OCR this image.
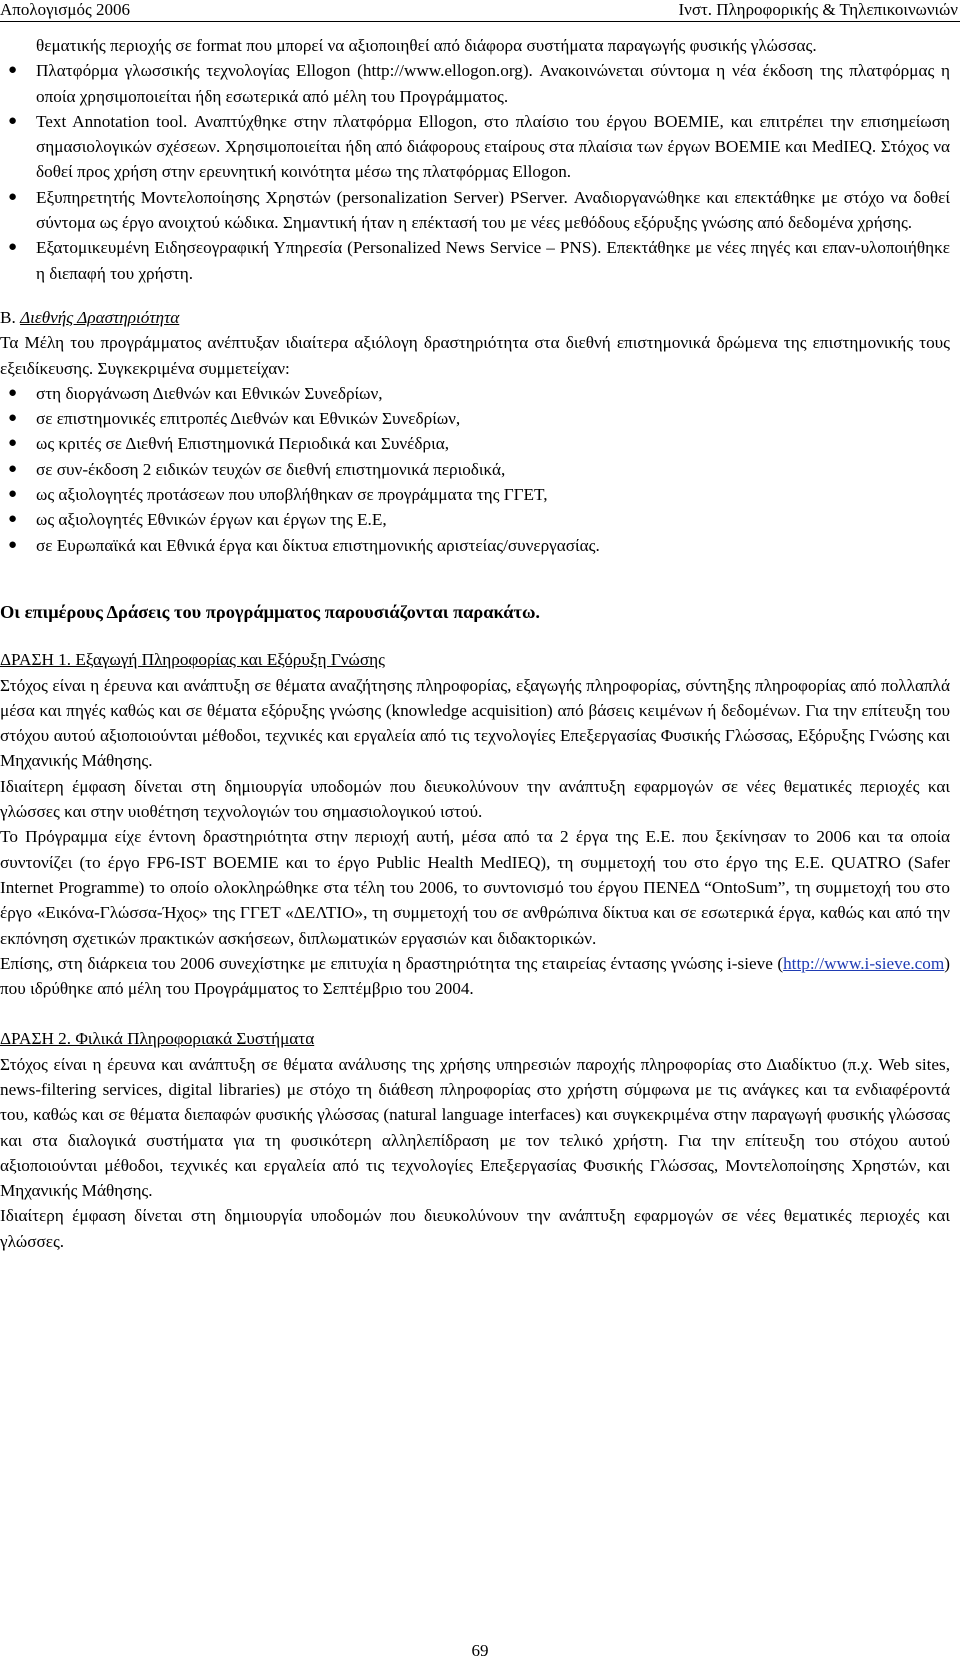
Απολογισμός 2006	Ινστ. Πληροφορικής & Τηλεπικοινωνιών

θεματικής περιοχής σε format που μπορεί να αξιοποιηθεί από διάφορα συστήματα παραγωγής φυσικής γλώσσας.

● Πλατφόρμα γλωσσικής τεχνολογίας Ellogon (http://www.ellogon.org). Ανακοινώνεται σύντομα η νέα έκδοση της πλατφόρμας η οποία χρησιμοποιείται ήδη εσωτερικά από μέλη του Προγράμματος.
● Text Annotation tool. Αναπτύχθηκε στην πλατφόρμα Ellogon, στο πλαίσιο του έργου BOEMIE, και επιτρέπει την επισημείωση σημασιολογικών σχέσεων. Χρησιμοποιείται ήδη από διάφορους εταίρους στα πλαίσια των έργων BOEMIE και MedIEQ. Στόχος να δοθεί προς χρήση στην ερευνητική κοινότητα μέσω της πλατφόρμας Ellogon.
● Εξυπηρετητής Μοντελοποίησης Χρηστών (personalization Server) PServer. Αναδιοργανώθηκε και επεκτάθηκε με στόχο να δοθεί σύντομα ως έργο ανοιχτού κώδικα. Σημαντική ήταν η επέκτασή του με νέες μεθόδους εξόρυξης γνώσης από δεδομένα χρήσης.
● Εξατομικευμένη Ειδησεογραφική Υπηρεσία (Personalized News Service – PNS). Επεκτάθηκε με νέες πηγές και επαν-υλοποιήθηκε η διεπαφή του χρήστη.

Β. Διεθνής Δραστηριότητα

Τα Μέλη του προγράμματος ανέπτυξαν ιδιαίτερα αξιόλογη δραστηριότητα στα διεθνή επιστημονικά δρώμενα της επιστημονικής τους εξειδίκευσης. Συγκεκριμένα συμμετείχαν:

● στη διοργάνωση Διεθνών και Εθνικών Συνεδρίων,
● σε επιστημονικές επιτροπές Διεθνών και Εθνικών Συνεδρίων,
● ως κριτές σε Διεθνή Επιστημονικά Περιοδικά και Συνέδρια,
● σε συν-έκδοση 2 ειδικών τευχών σε διεθνή επιστημονικά περιοδικά,
● ως αξιολογητές προτάσεων που υποβλήθηκαν σε προγράμματα της ΓΓΕΤ,
● ως αξιολογητές Εθνικών έργων και έργων της Ε.Ε,
● σε Ευρωπαϊκά και Εθνικά έργα και δίκτυα επιστημονικής αριστείας/συνεργασίας.

Οι επιμέρους Δράσεις του προγράμματος παρουσιάζονται παρακάτω.

ΔΡΑΣΗ 1. Εξαγωγή Πληροφορίας και Εξόρυξη Γνώσης

Στόχος είναι η έρευνα και ανάπτυξη σε θέματα αναζήτησης πληροφορίας, εξαγωγής πληροφορίας, σύντηξης πληροφορίας από πολλαπλά μέσα και πηγές καθώς και σε θέματα εξόρυξης γνώσης (knowledge acquisition) από βάσεις κειμένων ή δεδομένων. Για την επίτευξη του στόχου αυτού αξιοποιούνται μέθοδοι, τεχνικές και εργαλεία από τις τεχνολογίες Επεξεργασίας Φυσικής Γλώσσας, Εξόρυξης Γνώσης και Μηχανικής Μάθησης.

Ιδιαίτερη έμφαση δίνεται στη δημιουργία υποδομών που διευκολύνουν την ανάπτυξη εφαρμογών σε νέες θεματικές περιοχές και γλώσσες και στην υιοθέτηση τεχνολογιών του σημασιολογικού ιστού.

Το Πρόγραμμα είχε έντονη δραστηριότητα στην περιοχή αυτή, μέσα από τα 2 έργα της Ε.Ε. που ξεκίνησαν το 2006 και τα οποία συντονίζει (το έργο FP6-IST BOEMIE και το έργο Public Health MedIEQ), τη συμμετοχή του στο έργο της Ε.Ε. QUATRO (Safer Internet Programme) το οποίο ολοκληρώθηκε στα τέλη του 2006, το συντονισμό του έργου ΠΕΝΕΔ “OntoSum”, τη συμμετοχή του στο έργο «Εικόνα-Γλώσσα-Ήχος» της ΓΓΕΤ «ΔΕΛΤΙΟ», τη συμμετοχή του σε ανθρώπινα δίκτυα και σε εσωτερικά έργα, καθώς και από την εκπόνηση σχετικών πρακτικών ασκήσεων, διπλωματικών εργασιών και διδακτορικών.

Επίσης, στη διάρκεια του 2006 συνεχίστηκε με επιτυχία η δραστηριότητα της εταιρείας έντασης γνώσης i-sieve (http://www.i-sieve.com) που ιδρύθηκε από μέλη του Προγράμματος το Σεπτέμβριο του 2004.

ΔΡΑΣΗ 2. Φιλικά Πληροφοριακά Συστήματα

Στόχος είναι η έρευνα και ανάπτυξη σε θέματα ανάλυσης της χρήσης υπηρεσιών παροχής πληροφορίας στο Διαδίκτυο (π.χ. Web sites, news-filtering services, digital libraries) με στόχο τη διάθεση πληροφορίας στο χρήστη σύμφωνα με τις ανάγκες και τα ενδιαφέροντά του, καθώς και σε θέματα διεπαφών φυσικής γλώσσας (natural language interfaces) και συγκεκριμένα στην παραγωγή φυσικής γλώσσας και στα διαλογικά συστήματα για τη φυσικότερη αλληλεπίδραση με τον τελικό χρήστη. Για την επίτευξη του στόχου αυτού αξιοποιούνται μέθοδοι, τεχνικές και εργαλεία από τις τεχνολογίες Επεξεργασίας Φυσικής Γλώσσας, Μοντελοποίησης Χρηστών, και Μηχανικής Μάθησης.

Ιδιαίτερη έμφαση δίνεται στη δημιουργία υποδομών που διευκολύνουν την ανάπτυξη εφαρμογών σε νέες θεματικές περιοχές και γλώσσες.

69
